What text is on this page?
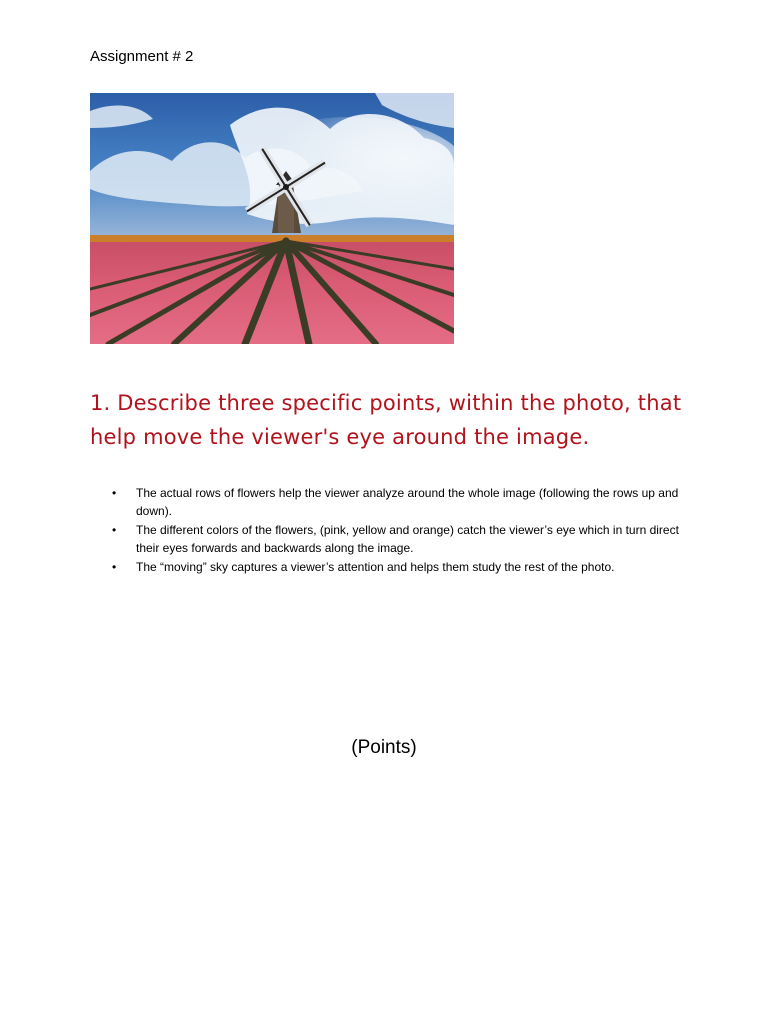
Assignment # 2
1. Describe three specific points, within the photo, that help move the viewer's eye around the image.
• The actual rows of flowers help the viewer analyze around the whole image (following the rows up and down).
• The different colors of the flowers, (pink, yellow and orange) catch the viewer’s eye which in turn direct their eyes forwards and backwards along the image.
• The “moving” sky captures a viewer’s attention and helps them study the rest of the photo.
(Points)
